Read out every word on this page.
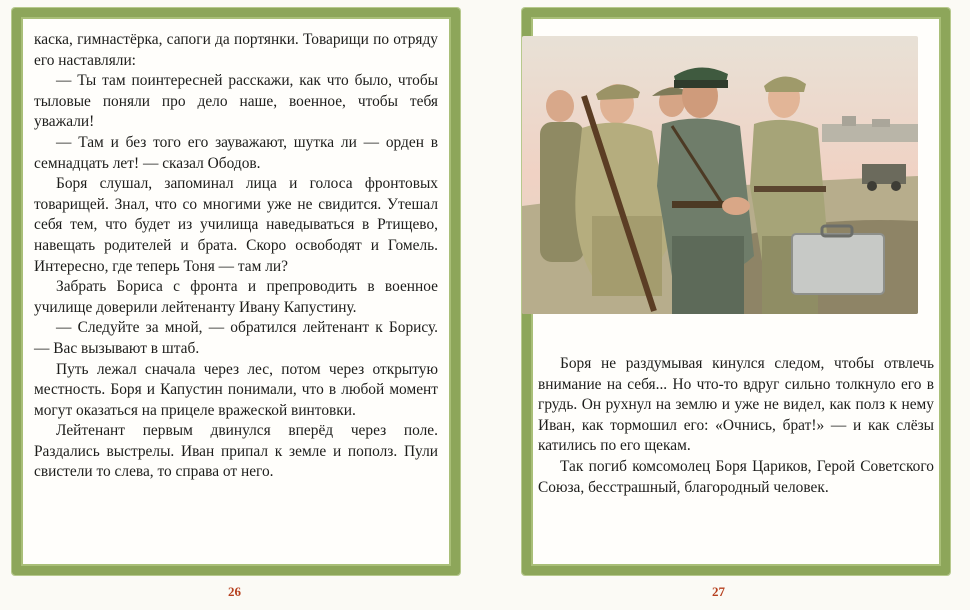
каска, гимнастёрка, сапоги да портянки. Товарищи по отряду его наставляли:

— Ты там поинтересней расскажи, как что было, чтобы тыловые поняли про дело наше, военное, чтобы тебя уважали!

— Там и без того его зауважают, шутка ли — орден в семнадцать лет! — сказал Ободов.

Боря слушал, запоминал лица и голоса фронтовых товарищей. Знал, что со многими уже не свидится. Утешал себя тем, что будет из училища наведываться в Ртищево, навещать родителей и брата. Скоро освободят и Гомель. Интересно, где теперь Тоня — там ли?

Забрать Бориса с фронта и препроводить в военное училище доверили лейтенанту Ивану Капустину.

— Следуйте за мной, — обратился лейтенант к Борису. — Вас вызывают в штаб.

Путь лежал сначала через лес, потом через открытую местность. Боря и Капустин понимали, что в любой момент могут оказаться на прицеле вражеской винтовки.

Лейтенант первым двинулся вперёд через поле. Раздались выстрелы. Иван припал к земле и пополз. Пули свистели то слева, то справа от него.

Боря не раздумывая кинулся следом, чтобы отвлечь внимание на себя... Но что-то вдруг сильно толкнуло его в грудь. Он рухнул на землю и уже не видел, как полз к нему Иван, как тормошил его: «Очнись, брат!» — и как слёзы катились по его щекам.

Так погиб комсомолец Боря Цариков, Герой Советского Союза, бесстрашный, благородный человек.

26	27
